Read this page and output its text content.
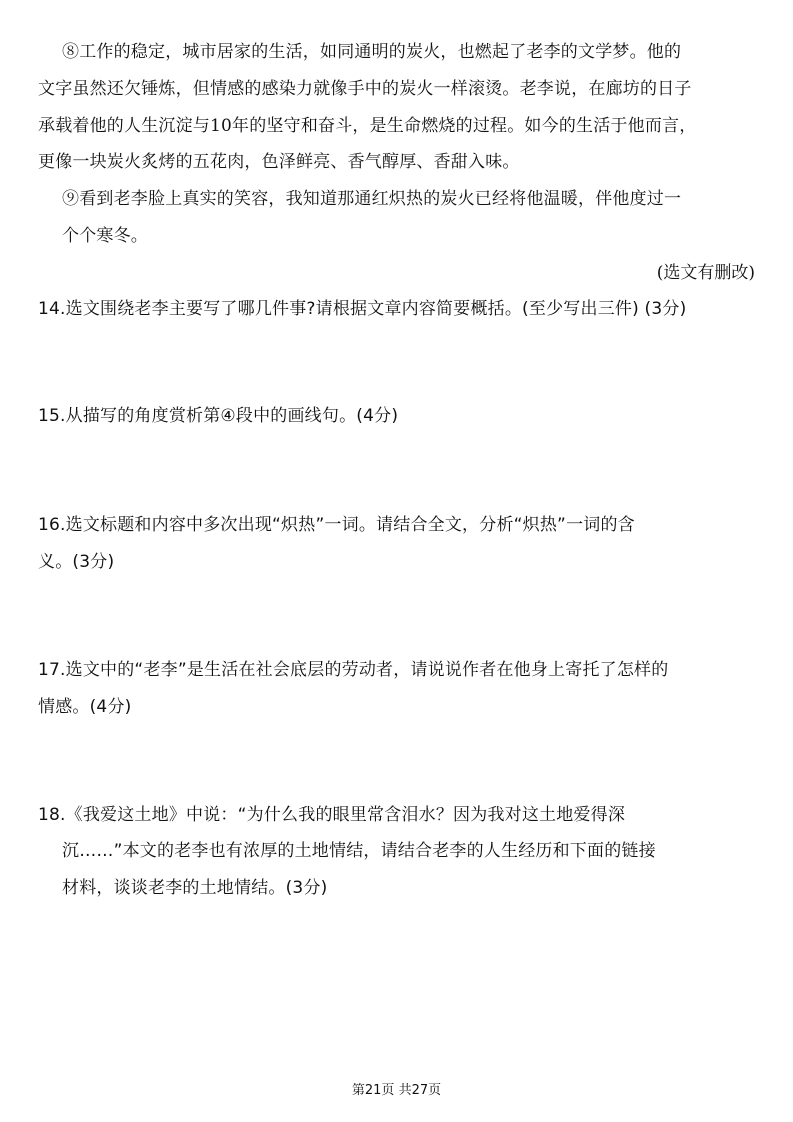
⑧工作的稳定，城市居家的生活，如同通明的炭火，也燃起了老李的文学梦。他的
文字虽然还欠锤炼，但情感的感染力就像手中的炭火一样滚烫。老李说，在廊坊的日子
承载着他的人生沉淀与10年的坚守和奋斗，是生命燃烧的过程。如今的生活于他而言，
更像一块炭火炙烤的五花肉，色泽鲜亮、香气醇厚、香甜入味。
⑨看到老李脸上真实的笑容，我知道那通红炽热的炭火已经将他温暖，伴他度过一
个个寒冬。
(选文有删改)
14.选文围绕老李主要写了哪几件事?请根据文章内容简要概括。(至少写出三件) (3分)
15.从描写的角度赏析第④段中的画线句。(4分)
16.选文标题和内容中多次出现“炽热”一词。请结合全文，分析“炽热”一词的含
义。(3分)
17.选文中的“老李”是生活在社会底层的劳动者，请说说作者在他身上寄托了怎样的
情感。(4分)
18.《我爱这土地》中说：“为什么我的眼里常含泪水？因为我对这土地爱得深
沉……”本文的老李也有浓厚的土地情结，请结合老李的人生经历和下面的链接
材料，谈谈老李的土地情结。(3分)
第21页 共27页
